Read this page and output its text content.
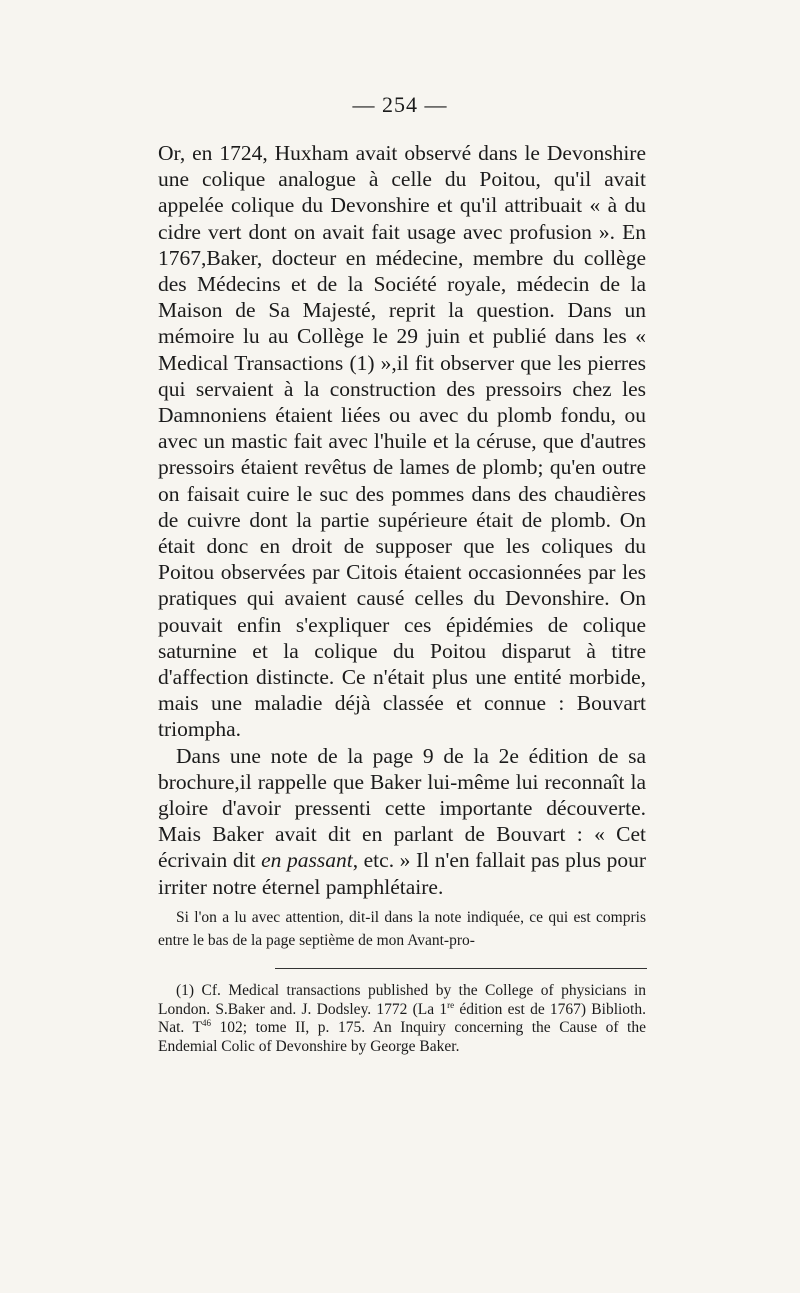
— 254 —

Or, en 1724, Huxham avait observé dans le Devonshire une colique analogue à celle du Poitou, qu'il avait appelée colique du Devonshire et qu'il attribuait « à du cidre vert dont on avait fait usage avec profusion ». En 1767,Baker, docteur en médecine, membre du collège des Médecins et de la Société royale, médecin de la Maison de Sa Majesté, reprit la question. Dans un mémoire lu au Collège le 29 juin et publié dans les « Medical Transactions (1) »,il fit observer que les pierres qui servaient à la construction des pressoirs chez les Damnoniens étaient liées ou avec du plomb fondu, ou avec un mastic fait avec l'huile et la céruse, que d'autres pressoirs étaient revêtus de lames de plomb; qu'en outre on faisait cuire le suc des pommes dans des chaudières de cuivre dont la partie supérieure était de plomb. On était donc en droit de supposer que les coliques du Poitou observées par Citois étaient occasionnées par les pratiques qui avaient causé celles du Devonshire. On pouvait enfin s'expliquer ces épidémies de colique saturnine et la colique du Poitou disparut à titre d'affection distincte. Ce n'était plus une entité morbide, mais une maladie déjà classée et connue : Bouvart triompha.

Dans une note de la page 9 de la 2e édition de sa brochure,il rappelle que Baker lui-même lui reconnaît la gloire d'avoir pressenti cette importante découverte. Mais Baker avait dit en parlant de Bouvart : « Cet écrivain dit en passant, etc. » Il n'en fallait pas plus pour irriter notre éternel pamphlétaire.

Si l'on a lu avec attention, dit-il dans la note indiquée, ce qui est compris entre le bas de la page septième de mon Avant-pro-
(1) Cf. Medical transactions published by the College of physicians in London. S.Baker and. J. Dodsley. 1772 (La 1re édition est de 1767) Biblioth. Nat. $T^{46}$ 102; tome II, p. 175. An Inquiry concerning the Cause of the Endemial Colic of Devonshire by George Baker.
